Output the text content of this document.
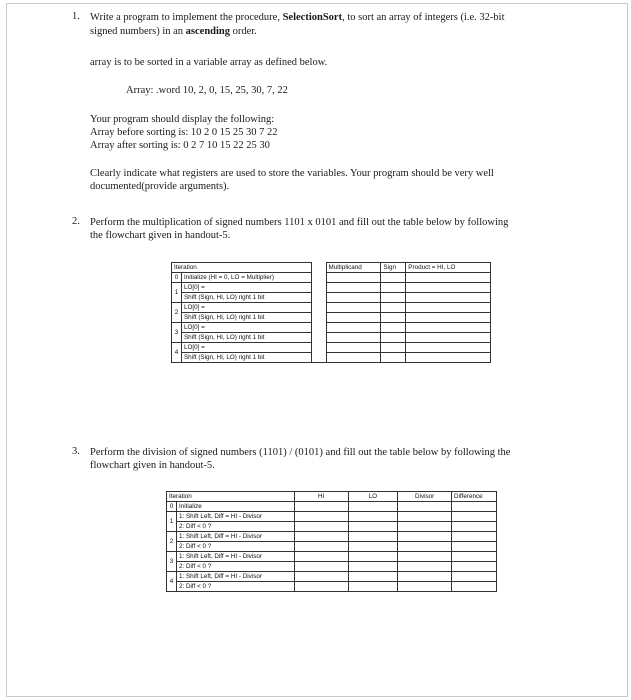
1. Write a program to implement the procedure, SelectionSort, to sort an array of integers (i.e. 32-bit
signed numbers) in an ascending order.
array is to be sorted in a variable array as defined below.
Array: .word 10, 2, 0, 15, 25, 30, 7, 22
Your program should display the following:
Array before sorting is: 10 2 0 15 25 30 7 22
Array after sorting is: 0 2 7 10 15 22 25 30
Clearly indicate what registers are used to store the variables. Your program should be very well
documented(provide arguments).
2. Perform the multiplication of signed numbers 1101 x 0101 and fill out the table below by following
the flowchart given in handout-5.
Iteration			Multiplicand	Sign	Product = HI, LO
0	Initialize (HI = 0, LO = Multiplier)				
1	LO[0] =				
	Shift (Sign, HI, LO) right 1 bit				
2	LO[0] =				
	Shift (Sign, HI, LO) right 1 bit				
3	LO[0] =				
	Shift (Sign, HI, LO) right 1 bit				
4	LO[0] =				
	Shift (Sign, HI, LO) right 1 bit				
3. Perform the division of signed numbers (1101) / (0101) and fill out the table below by following the
flowchart given in handout-5.
Iteration		HI	LO	Divisor	Difference
0	Initialize				
1	1: Shift Left, Diff = HI - Divisor				
	2: Diff < 0 ?				
2	1: Shift Left, Diff = HI - Divisor				
	2: Diff < 0 ?				
3	1: Shift Left, Diff = HI - Divisor				
	2: Diff < 0 ?				
4	1: Shift Left, Diff = HI - Divisor				
	2: Diff < 0 ?				
